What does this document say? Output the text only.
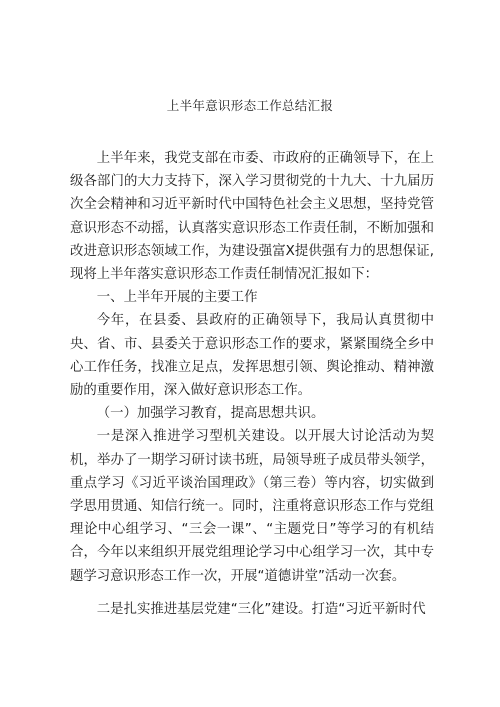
上半年意识形态工作总结汇报

上半年来，我党支部在市委、市政府的正确领导下，在上级各部门的大力支持下，深入学习贯彻党的十九大、十九届历次全会精神和习近平新时代中国特色社会主义思想，坚持党管意识形态不动摇，认真落实意识形态工作责任制，不断加强和改进意识形态领域工作，为建设强富X提供强有力的思想保证,现将上半年落实意识形态工作责任制情况汇报如下：

一、上半年开展的主要工作

今年，在县委、县政府的正确领导下，我局认真贯彻中央、省、市、县委关于意识形态工作的要求，紧紧围绕全乡中心工作任务，找准立足点，发挥思想引领、舆论推动、精神激励的重要作用，深入做好意识形态工作。

（一）加强学习教育，提高思想共识。

一是深入推进学习型机关建设。以开展大讨论活动为契机，举办了一期学习研讨读书班，局领导班子成员带头领学，重点学习《习近平谈治国理政》（第三卷）等内容，切实做到学思用贯通、知信行统一。同时，注重将意识形态工作与党组理论中心组学习、“三会一课”、“主题党日”等学习的有机结合，今年以来组织开展党组理论学习中心组学习一次，其中专题学习意识形态工作一次，开展“道德讲堂”活动一次套。

二是扎实推进基层党建“三化”建设。打造“习近平新时代
